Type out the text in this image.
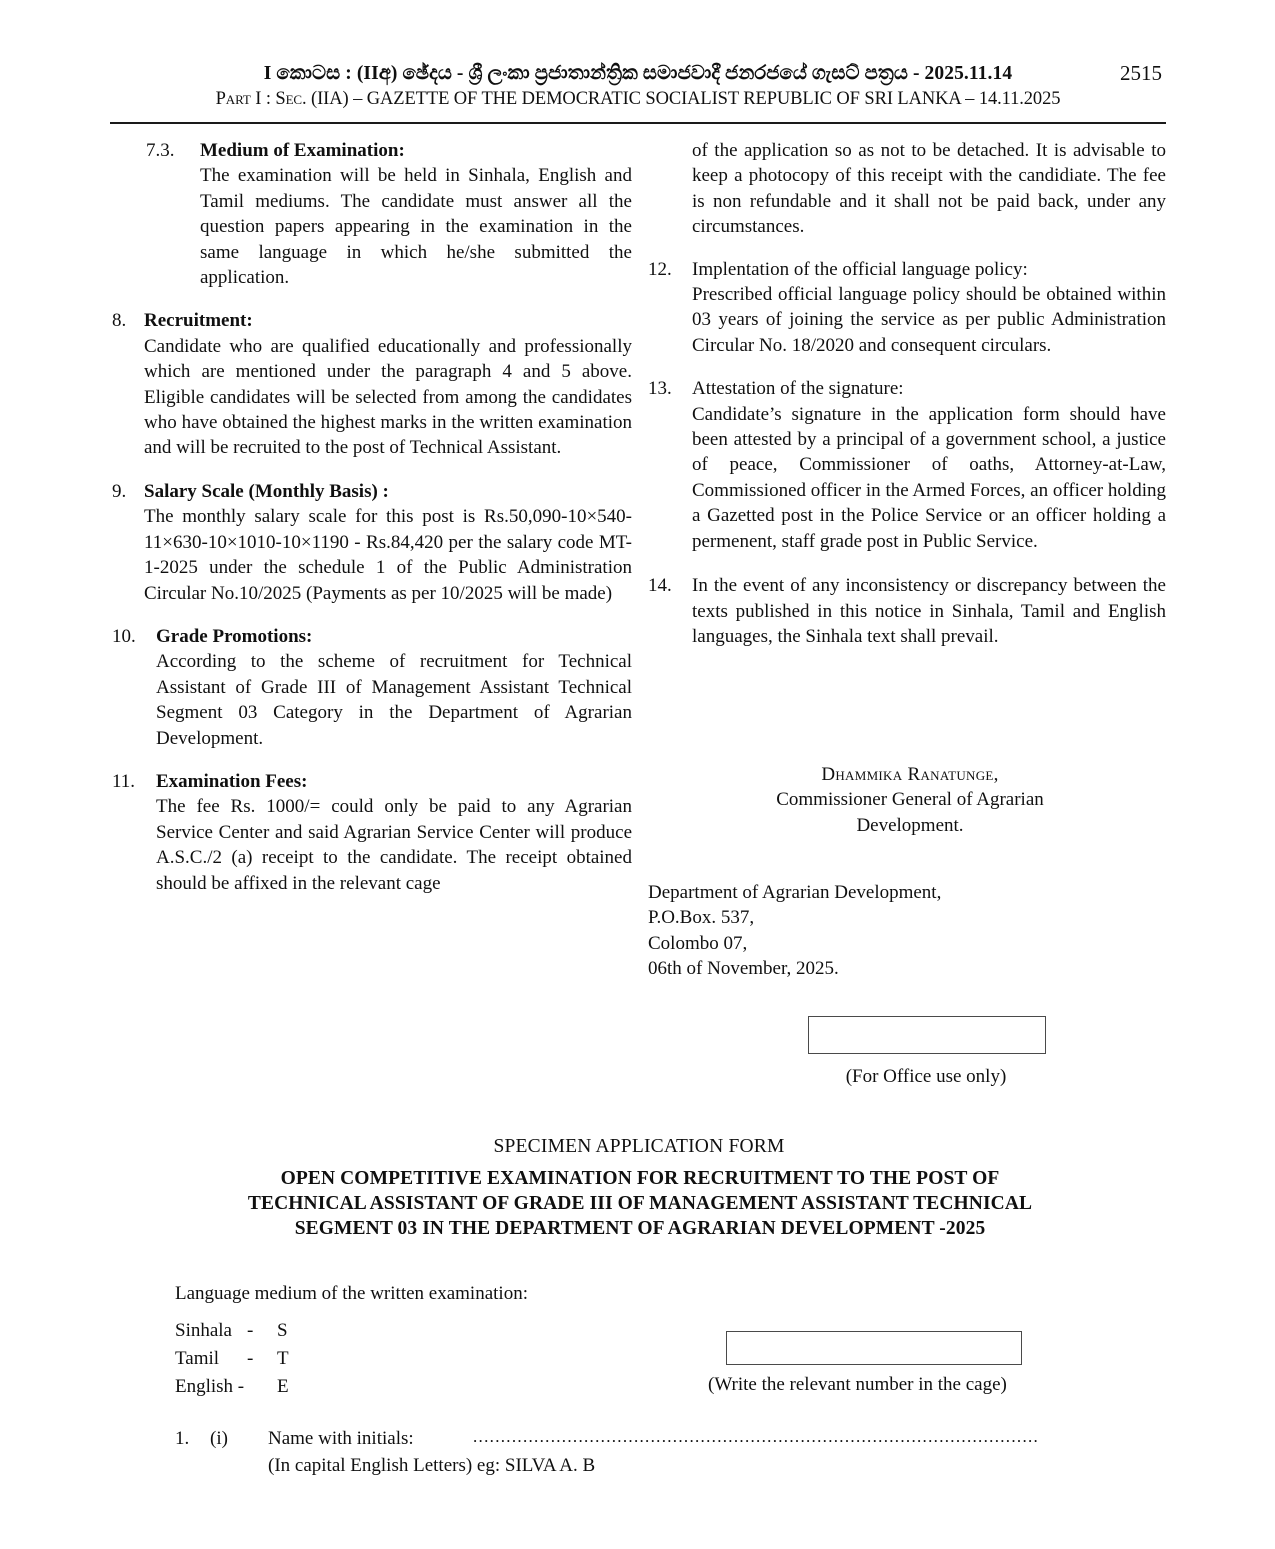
I කොටස : (IIඅ) ඡේදය - ශ්‍රී ලංකා ප්‍රජාතාන්ත්‍රික සමාජවාදී ජනරජයේ ගැසට් පත්‍රය - 2025.11.14	2515
Part I : Sec. (IIA) – GAZETTE OF THE DEMOCRATIC SOCIALIST REPUBLIC OF SRI LANKA – 14.11.2025
7.3.	Medium of Examination:
The examination will be held in Sinhala, English and Tamil mediums. The candidate must answer all the question papers appearing in the examination in the same language in which he/she submitted the application.
8. Recruitment:
Candidate who are qualified educationally and professionally which are mentioned under the paragraph 4 and 5 above. Eligible candidates will be selected from among the candidates who have obtained the highest marks in the written examination and will be recruited to the post of Technical Assistant.
9. Salary Scale (Monthly Basis) :
The monthly salary scale for this post is Rs.50,090-10×540-11×630-10×1010-10×1190 - Rs.84,420 per the salary code MT-1-2025 under the schedule 1 of the Public Administration Circular No.10/2025 (Payments as per 10/2025 will be made)
10.	Grade Promotions:
According to the scheme of recruitment for Technical Assistant of Grade III of Management Assistant Technical Segment 03 Category in the Department of Agrarian Development.
11.	Examination Fees:
The fee Rs. 1000/= could only be paid to any Agrarian Service Center and said Agrarian Service Center will produce A.S.C./2 (a) receipt to the candidate. The receipt obtained should be affixed in the relevant cage
of the application so as not to be detached. It is advisable to keep a photocopy of this receipt with the candidiate. The fee is non refundable and it shall not be paid back, under any circumstances.
12.	Implentation of the official language policy:
Prescribed official language policy should be obtained within 03 years of joining the service as per public Administration Circular No. 18/2020 and consequent circulars.
13.	Attestation of the signature:
Candidate’s signature in the application form should have been attested by a principal of a government school, a justice of peace, Commissioner of oaths, Attorney-at-Law, Commissioned officer in the Armed Forces, an officer holding a Gazetted post in the Police Service or an officer holding a permenent, staff grade post in Public Service.
14.	In the event of any inconsistency or discrepancy between the texts published in this notice in Sinhala, Tamil and English languages, the Sinhala text shall prevail.
Dhammika Ranatunge,
Commissioner General of Agrarian
Development.
Department of Agrarian Development,
P.O.Box. 537,
Colombo 07,
06th of November, 2025.
(For Office use only)
SPECIMEN APPLICATION FORM
OPEN COMPETITIVE EXAMINATION FOR RECRUITMENT TO THE POST OF
TECHNICAL ASSISTANT OF GRADE III OF MANAGEMENT ASSISTANT TECHNICAL
SEGMENT 03 IN THE DEPARTMENT OF AGRARIAN DEVELOPMENT -2025
Language medium of the written examination:
Sinhala -	S
Tamil	-	T
English - E	(Write the relevant number in the cage)
1.	(i)	Name with initials:	......................................................................................................
(In capital English Letters) eg: SILVA A. B
